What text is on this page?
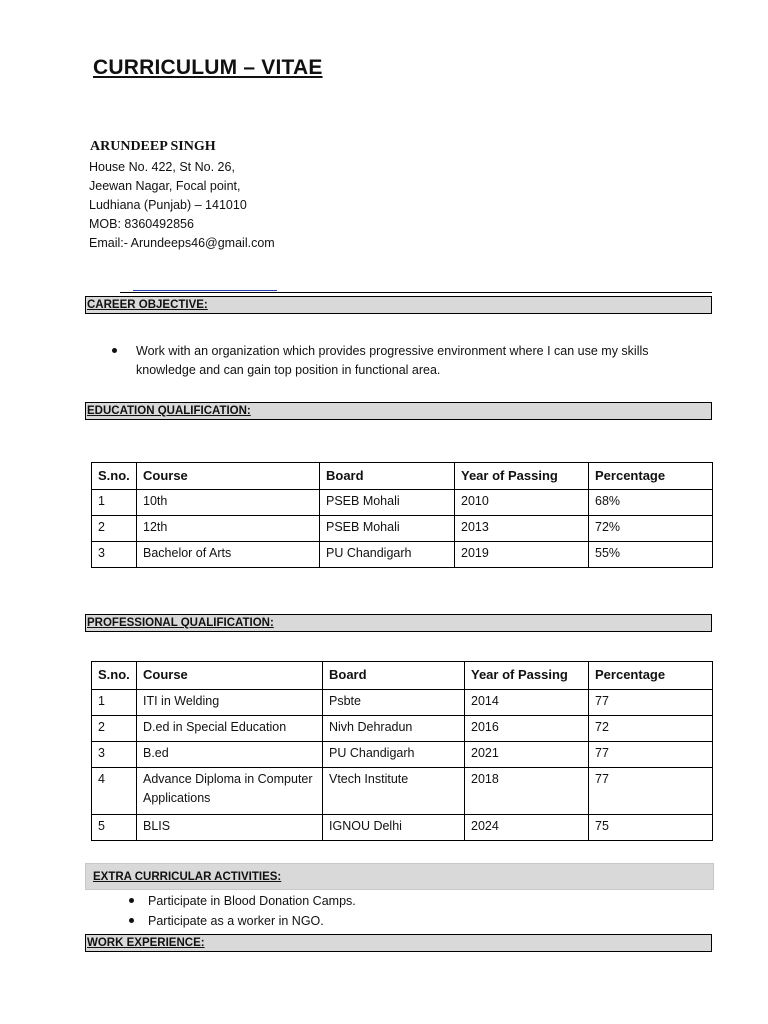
CURRICULUM – VITAE
ARUNDEEP SINGH
House No. 422, St No. 26,
Jeewan Nagar, Focal point,
Ludhiana (Punjab) – 141010
MOB: 8360492856
Email:- Arundeeps46@gmail.com
CAREER OBJECTIVE:
Work with an organization which provides progressive environment where I can use my skills
knowledge and can gain top position in functional area.
EDUCATION QUALIFICATION:
S.no.	Course	Board	Year of Passing	Percentage
1	10th	PSEB Mohali	2010	68%
2	12th	PSEB Mohali	2013	72%
3	Bachelor of Arts	PU Chandigarh	2019	55%
PROFESSIONAL QUALIFICATION:
S.no.	Course	Board	Year of Passing	Percentage
1	ITI in Welding	Psbte	2014	77
2	D.ed in Special Education	Nivh Dehradun	2016	72
3	B.ed	PU Chandigarh	2021	77
4	Advance Diploma in Computer Applications	Vtech Institute	2018	77
5	BLIS	IGNOU Delhi	2024	75
EXTRA CURRICULAR ACTIVITIES:
Participate in Blood Donation Camps.
Participate as a worker in NGO.
WORK EXPERIENCE:
